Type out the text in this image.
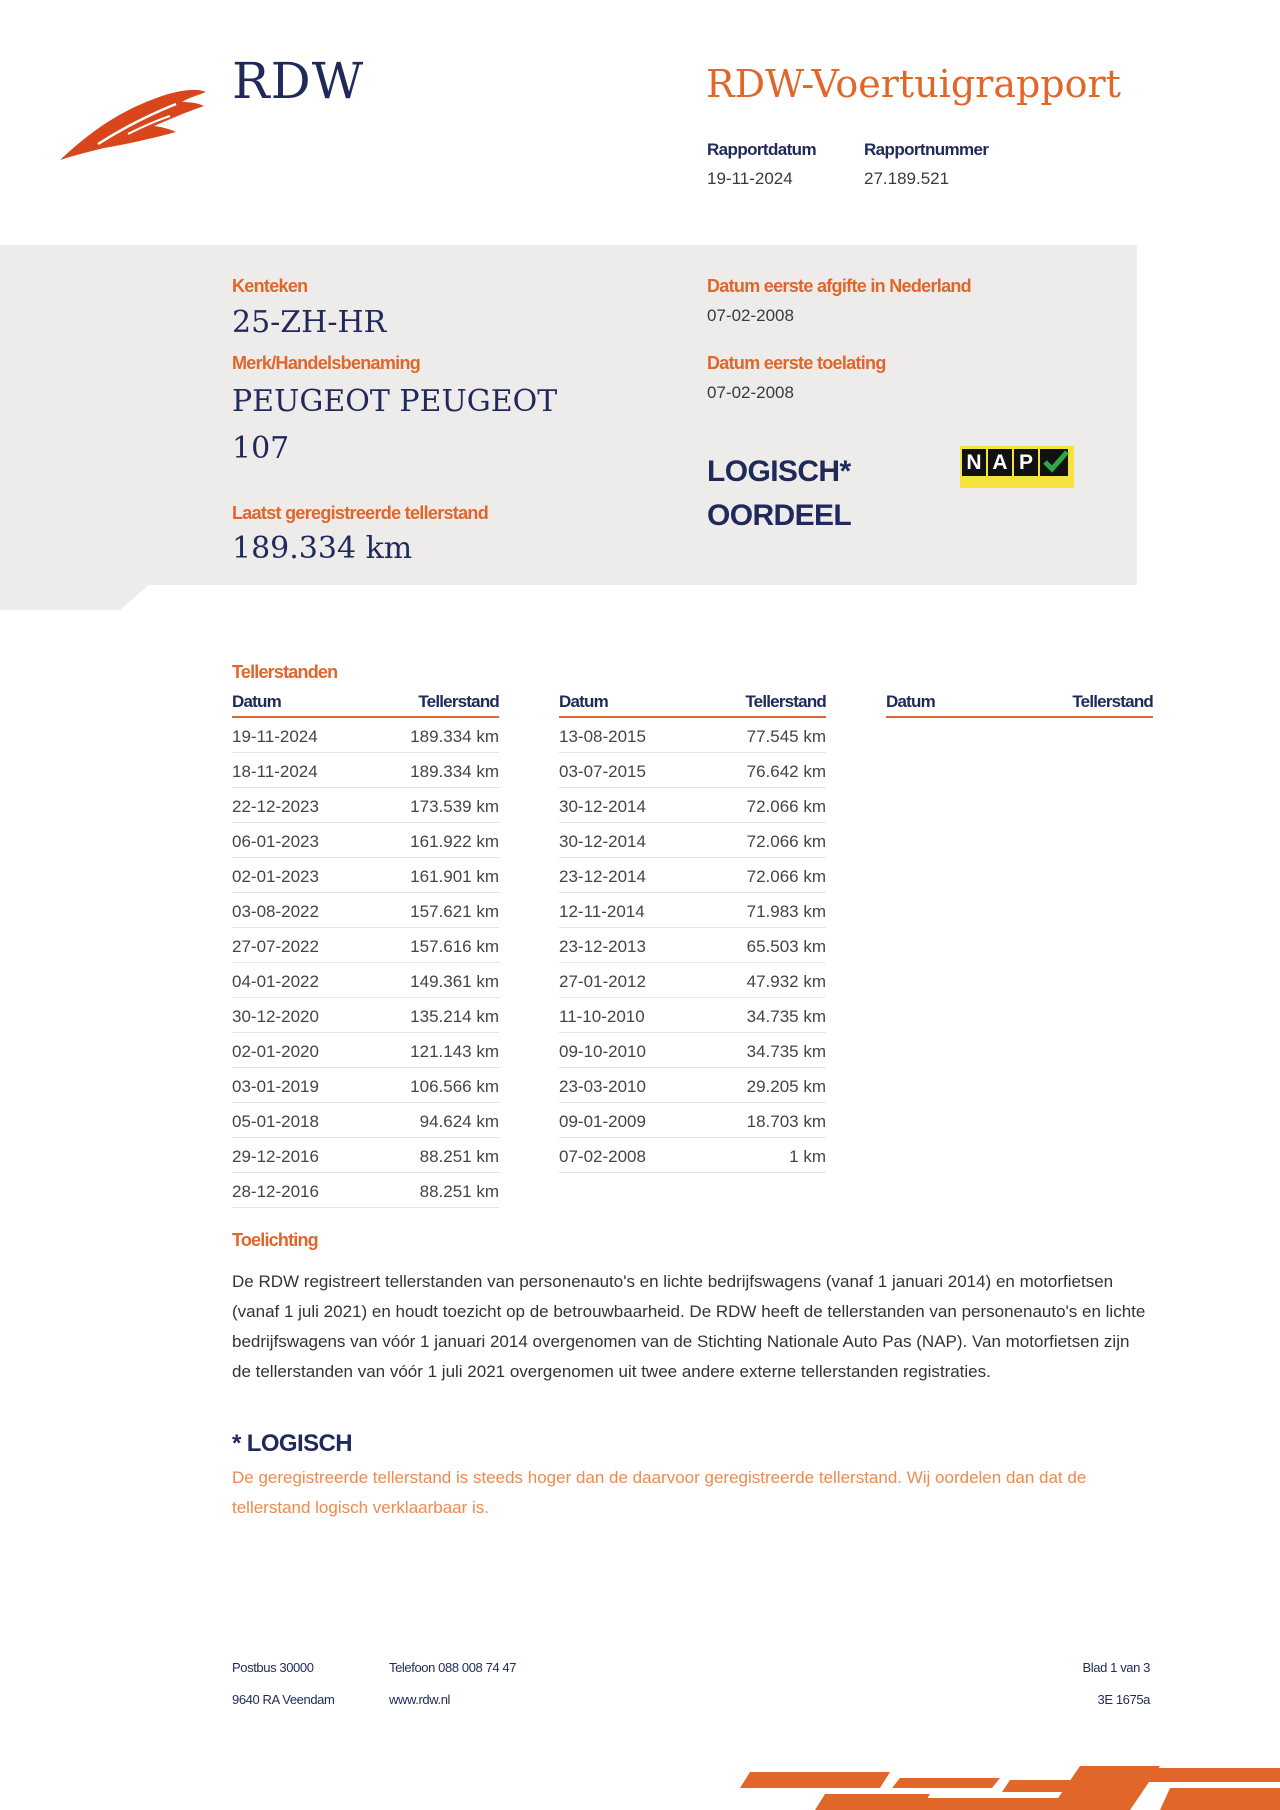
RDW	RDW-Voertuigrapport
Rapportdatum
19-11-2024
Rapportnummer
27.189.521
Kenteken
25-ZH-HR
Merk/Handelsbenaming
PEUGEOT PEUGEOT
107
Laatst geregistreerde tellerstand
189.334 km
Datum eerste afgifte in Nederland
07-02-2008
Datum eerste toelating
07-02-2008
LOGISCH*
OORDEEL
N A P
Tellerstanden
Datum	Tellerstand
19-11-2024	189.334 km
18-11-2024	189.334 km
22-12-2023	173.539 km
06-01-2023	161.922 km
02-01-2023	161.901 km
03-08-2022	157.621 km
27-07-2022	157.616 km
04-01-2022	149.361 km
30-12-2020	135.214 km
02-01-2020	121.143 km
03-01-2019	106.566 km
05-01-2018	94.624 km
29-12-2016	88.251 km
28-12-2016	88.251 km
Datum	Tellerstand
13-08-2015	77.545 km
03-07-2015	76.642 km
30-12-2014	72.066 km
30-12-2014	72.066 km
23-12-2014	72.066 km
12-11-2014	71.983 km
23-12-2013	65.503 km
27-01-2012	47.932 km
11-10-2010	34.735 km
09-10-2010	34.735 km
23-03-2010	29.205 km
09-01-2009	18.703 km
07-02-2008	1 km
Datum	Tellerstand
Toelichting
De RDW registreert tellerstanden van personenauto's en lichte bedrijfswagens (vanaf 1 januari 2014) en motorfietsen (vanaf 1 juli 2021) en houdt toezicht op de betrouwbaarheid. De RDW heeft de tellerstanden van personenauto's en lichte bedrijfswagens van vóór 1 januari 2014 overgenomen van de Stichting Nationale Auto Pas (NAP). Van motorfietsen zijn de tellerstanden van vóór 1 juli 2021 overgenomen uit twee andere externe tellerstanden registraties.
* LOGISCH
De geregistreerde tellerstand is steeds hoger dan de daarvoor geregistreerde tellerstand. Wij oordelen dan dat de tellerstand logisch verklaarbaar is.
Postbus 30000
9640 RA Veendam
Telefoon 088 008 74 47
www.rdw.nl
Blad 1 van 3
3E 1675a
